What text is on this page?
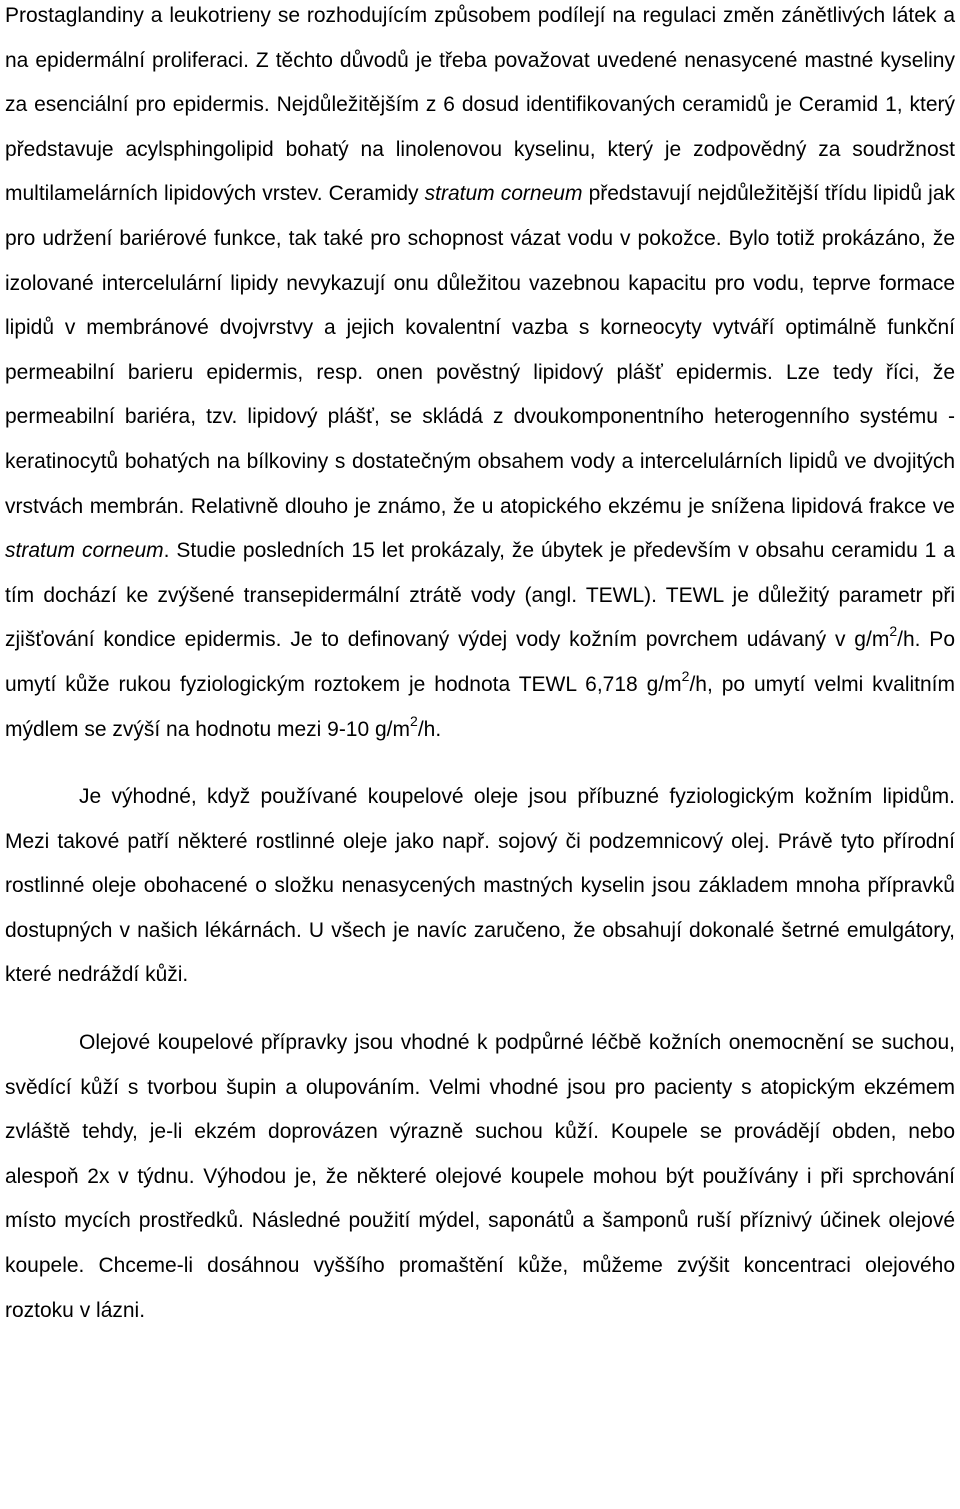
Prostaglandiny a leukotrieny se rozhodujícím způsobem podílejí na regulaci změn zánětlivých látek a na epidermální proliferaci. Z těchto důvodů je třeba považovat uvedené nenasycené mastné kyseliny za esenciální pro epidermis. Nejdůležitějším z 6 dosud identifikovaných ceramidů je Ceramid 1, který představuje acylsphingolipid bohatý na linolenovou kyselinu, který je zodpovědný za soudržnost multilamelárních lipidových vrstev. Ceramidy stratum corneum představují nejdůležitější třídu lipidů jak pro udržení bariérové funkce, tak také pro schopnost vázat vodu v pokožce. Bylo totiž prokázáno, že izolované intercelulární lipidy nevykazují onu důležitou vazebnou kapacitu pro vodu, teprve formace lipidů v membránové dvojvrstvy a jejich kovalentní vazba s korneocyty vytváří optimálně funkční permeabilní barieru epidermis, resp. onen pověstný lipidový plášť epidermis. Lze tedy říci, že permeabilní bariéra, tzv. lipidový plášť, se skládá z dvoukomponentního heterogenního systému - keratinocytů bohatých na bílkoviny s dostatečným obsahem vody a intercelulárních lipidů ve dvojitých vrstvách membrán. Relativně dlouho je známo, že u atopického ekzému je snížena lipidová frakce ve stratum corneum. Studie posledních 15 let prokázaly, že úbytek je především v obsahu ceramidu 1 a tím dochází ke zvýšené transepidermální ztrátě vody (angl. TEWL). TEWL je důležitý parametr při zjišťování kondice epidermis. Je to definovaný výdej vody kožním povrchem udávaný v $g/m^2/h$. Po umytí kůže rukou fyziologickým roztokem je hodnota TEWL 6,718 $g/m^2/h$, po umytí velmi kvalitním mýdlem se zvýší na hodnotu mezi 9-10 $g/m^2/h$.

Je výhodné, když používané koupelové oleje jsou příbuzné fyziologickým kožním lipidům. Mezi takové patří některé rostlinné oleje jako např. sojový či podzemnicový olej. Právě tyto přírodní rostlinné oleje obohacené o složku nenasycených mastných kyselin jsou základem mnoha přípravků dostupných v našich lékárnách. U všech je navíc zaručeno, že obsahují dokonalé šetrné emulgátory, které nedráždí kůži.

Olejové koupelové přípravky jsou vhodné k podpůrné léčbě kožních onemocnění se suchou, svědící kůží s tvorbou šupin a olupováním. Velmi vhodné jsou pro pacienty s atopickým ekzémem zvláště tehdy, je-li ekzém doprovázen výrazně suchou kůží. Koupele se provádějí obden, nebo alespoň 2x v týdnu. Výhodou je, že některé olejové koupele mohou být používány i při sprchování místo mycích prostředků. Následné použití mýdel, saponátů a šamponů ruší příznivý účinek olejové koupele. Chceme-li dosáhnou vyššího promaštění kůže, můžeme zvýšit koncentraci olejového roztoku v lázni.
